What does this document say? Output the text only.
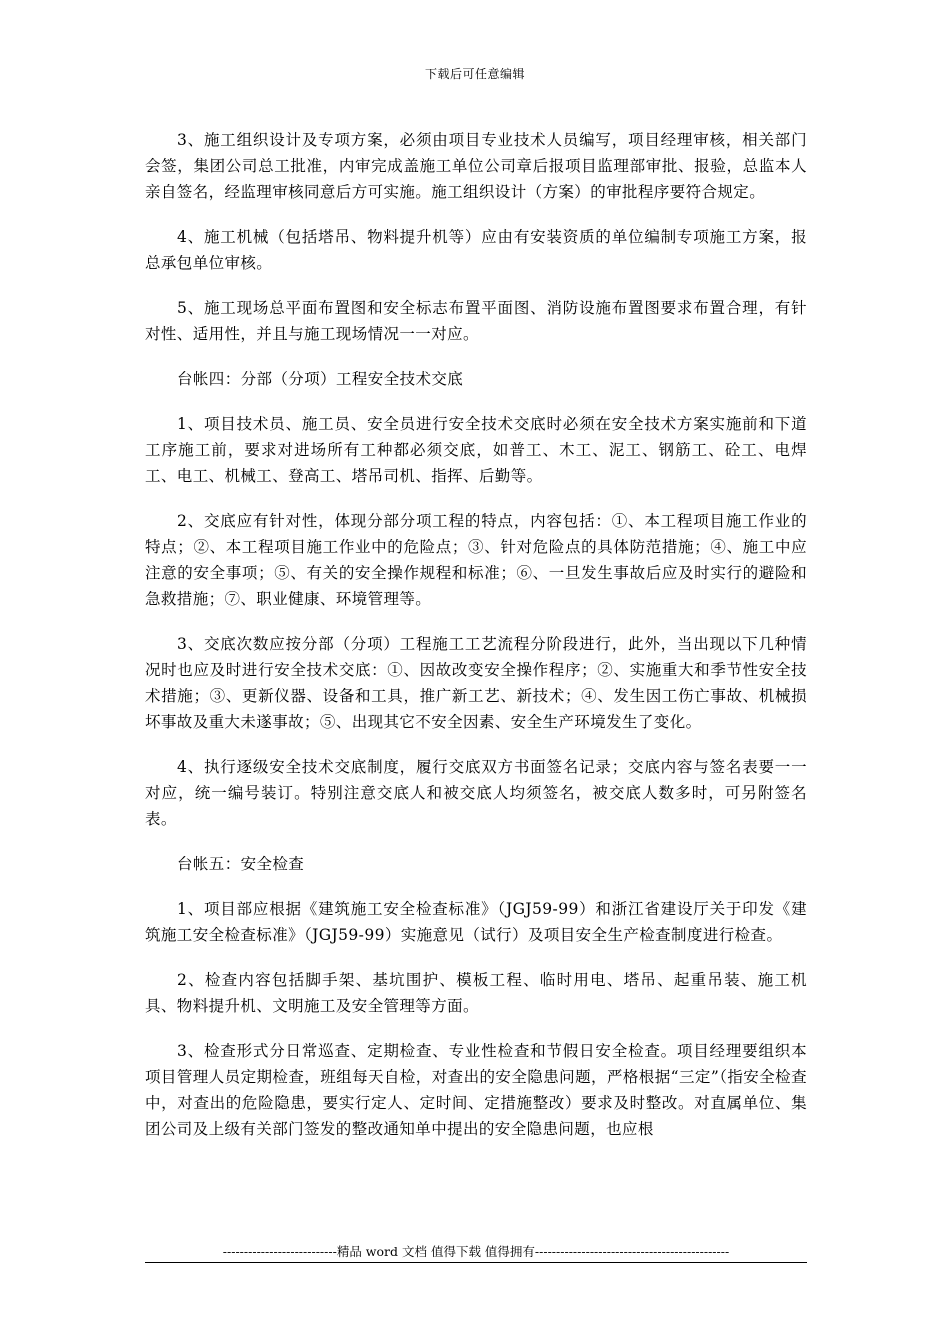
下载后可任意编辑

3、施工组织设计及专项方案，必须由项目专业技术人员编写，项目经理审核，相关部门会签，集团公司总工批准，内审完成盖施工单位公司章后报项目监理部审批、报验，总监本人亲自签名，经监理审核同意后方可实施。施工组织设计（方案）的审批程序要符合规定。

4、施工机械（包括塔吊、物料提升机等）应由有安装资质的单位编制专项施工方案，报总承包单位审核。

5、施工现场总平面布置图和安全标志布置平面图、消防设施布置图要求布置合理，有针对性、适用性，并且与施工现场情况一一对应。

台帐四：分部（分项）工程安全技术交底

1、项目技术员、施工员、安全员进行安全技术交底时必须在安全技术方案实施前和下道工序施工前，要求对进场所有工种都必须交底，如普工、木工、泥工、钢筋工、砼工、电焊工、电工、机械工、登高工、塔吊司机、指挥、后勤等。

2、交底应有针对性，体现分部分项工程的特点，内容包括：①、本工程项目施工作业的特点；②、本工程项目施工作业中的危险点；③、针对危险点的具体防范措施；④、施工中应注意的安全事项；⑤、有关的安全操作规程和标准；⑥、一旦发生事故后应及时实行的避险和急救措施；⑦、职业健康、环境管理等。

3、交底次数应按分部（分项）工程施工工艺流程分阶段进行，此外，当出现以下几种情况时也应及时进行安全技术交底：①、因故改变安全操作程序；②、实施重大和季节性安全技术措施；③、更新仪器、设备和工具，推广新工艺、新技术；④、发生因工伤亡事故、机械损坏事故及重大未遂事故；⑤、出现其它不安全因素、安全生产环境发生了变化。

4、执行逐级安全技术交底制度，履行交底双方书面签名记录；交底内容与签名表要一一对应，统一编号装订。特别注意交底人和被交底人均须签名，被交底人数多时，可另附签名表。

台帐五：安全检查

1、项目部应根据《建筑施工安全检查标准》（JGJ59-99）和浙江省建设厅关于印发《建筑施工安全检查标准》（JGJ59-99）实施意见（试行）及项目安全生产检查制度进行检查。

2、检查内容包括脚手架、基坑围护、模板工程、临时用电、塔吊、起重吊装、施工机具、物料提升机、文明施工及安全管理等方面。

3、检查形式分日常巡查、定期检查、专业性检查和节假日安全检查。项目经理要组织本项目管理人员定期检查，班组每天自检，对查出的安全隐患问题，严格根据“三定”（指安全检查中，对查出的危险隐患，要实行定人、定时间、定措施整改）要求及时整改。对直属单位、集团公司及上级有关部门签发的整改通知单中提出的安全隐患问题，也应根

---------------------------精品 word 文档 值得下载 值得拥有----------------------------------------------
